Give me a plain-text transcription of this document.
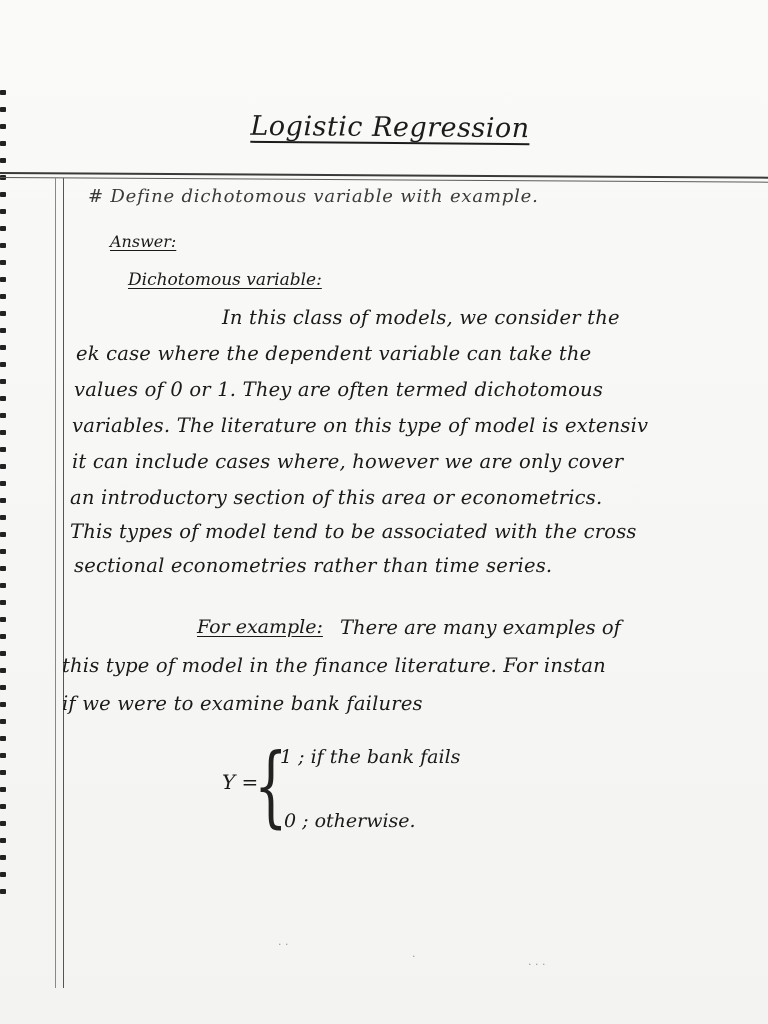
Logistic Regression
# Define dichotomous variable with example.
Answer:
Dichotomous variable:
In this class of models, we consider the
ek case where the dependent variable can take the
values of 0 or 1. They are often termed dichotomous
variables. The literature on this type of model is extensiv
it can include cases where, however we are only cover
an introductory section of this area or econometrics.
This types of model tend to be associated with the cross
sectional econometries rather than time series.
For example: There are many examples of
this type of model in the finance literature. For instan
if we were to examine bank failures
Y =
{
1 ; if the bank fails
0 ; otherwise.
· ·
·
· · ·
